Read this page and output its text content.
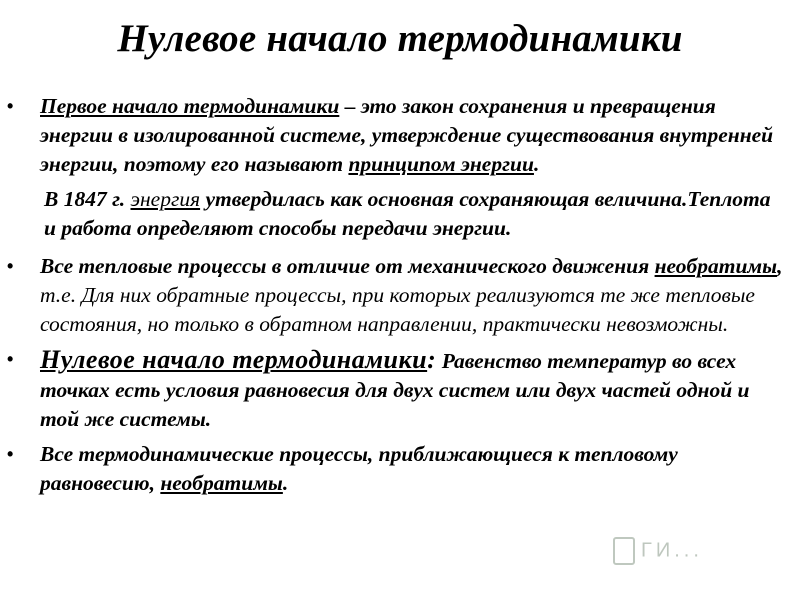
Нулевое начало термодинамики
• Первое начало термодинамики – это закон сохранения и превращения энергии в изолированной системе, утверждение существования внутренней энергии, поэтому его называют принципом энергии.
В 1847 г. энергия утвердилась как основная сохраняющая величина.Теплота и работа определяют способы передачи энергии.
• Все тепловые процессы в отличие от механического движения необратимы, т.е. Для них обратные процессы, при которых реализуются те же тепловые состояния, но только в обратном направлении, практически невозможны.
• Нулевое начало термодинамики: Равенство температур во всех точках есть условия равновесия для двух систем или двух частей одной и той же системы.
• Все термодинамические процессы, приближающиеся к тепловому равновесию, необратимы.
ГИ...
